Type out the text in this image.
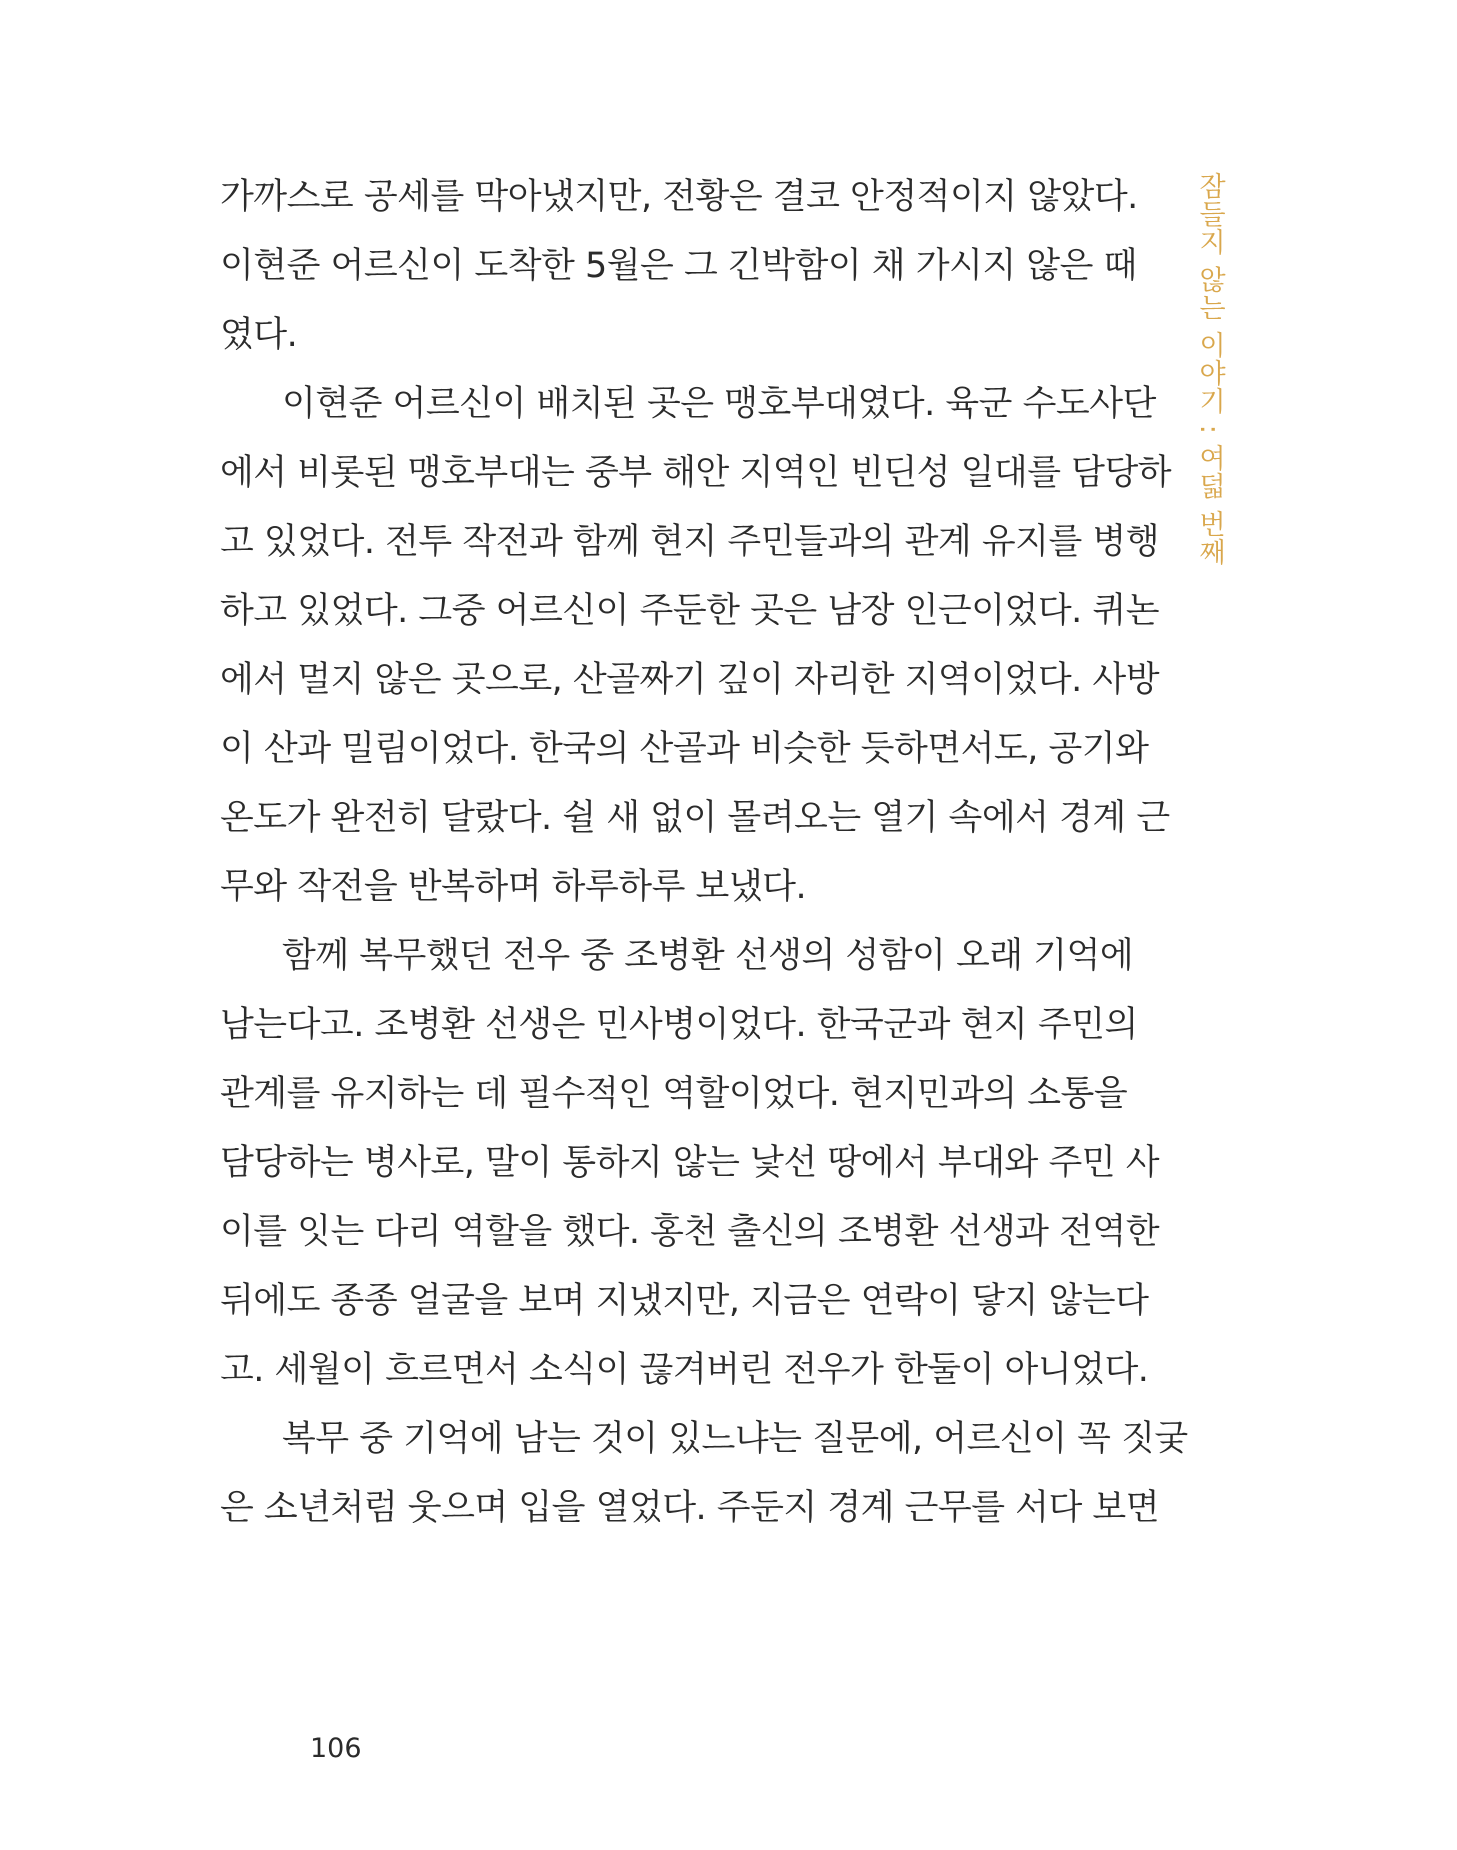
잠들지 않는 이야기 : 여덟 번째
가까스로 공세를 막아냈지만, 전황은 결코 안정적이지 않았다.
이현준 어르신이 도착한 5월은 그 긴박함이 채 가시지 않은 때
였다.
이현준 어르신이 배치된 곳은 맹호부대였다. 육군 수도사단
에서 비롯된 맹호부대는 중부 해안 지역인 빈딘성 일대를 담당하
고 있었다. 전투 작전과 함께 현지 주민들과의 관계 유지를 병행
하고 있었다. 그중 어르신이 주둔한 곳은 남장 인근이었다. 퀴논
에서 멀지 않은 곳으로, 산골짜기 깊이 자리한 지역이었다. 사방
이 산과 밀림이었다. 한국의 산골과 비슷한 듯하면서도, 공기와
온도가 완전히 달랐다. 쉴 새 없이 몰려오는 열기 속에서 경계 근
무와 작전을 반복하며 하루하루 보냈다.
함께 복무했던 전우 중 조병환 선생의 성함이 오래 기억에
남는다고. 조병환 선생은 민사병이었다. 한국군과 현지 주민의
관계를 유지하는 데 필수적인 역할이었다. 현지민과의 소통을
담당하는 병사로, 말이 통하지 않는 낯선 땅에서 부대와 주민 사
이를 잇는 다리 역할을 했다. 홍천 출신의 조병환 선생과 전역한
뒤에도 종종 얼굴을 보며 지냈지만, 지금은 연락이 닿지 않는다
고. 세월이 흐르면서 소식이 끊겨버린 전우가 한둘이 아니었다.
복무 중 기억에 남는 것이 있느냐는 질문에, 어르신이 꼭 짓궂
은 소년처럼 웃으며 입을 열었다. 주둔지 경계 근무를 서다 보면
106
